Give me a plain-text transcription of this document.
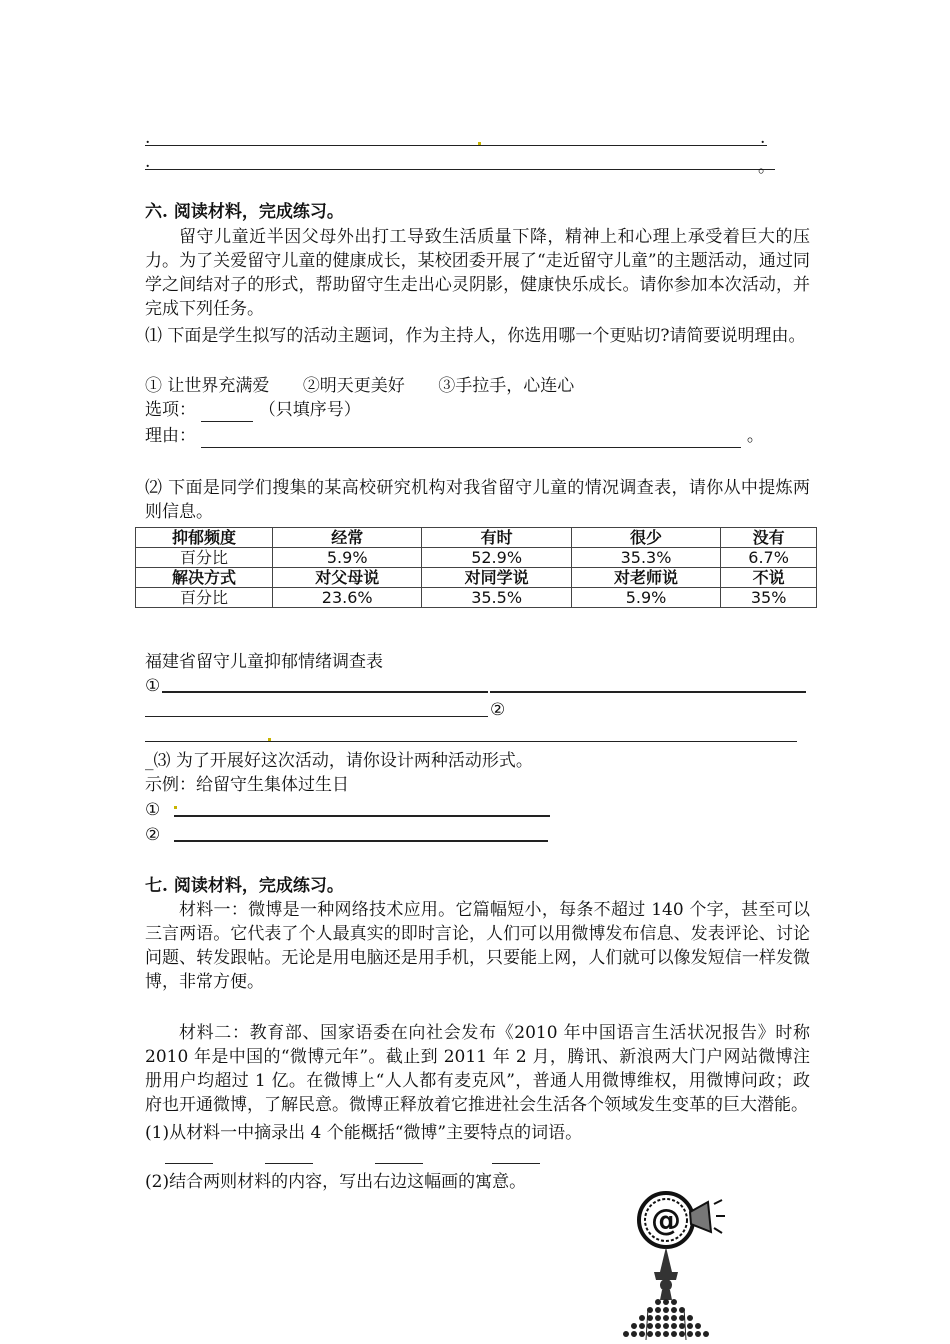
.	.
.	。
六. 阅读材料，完成练习。
留守儿童近半因父母外出打工导致生活质量下降，精神上和心理上承受着巨大的压力。为了关爱留守儿童的健康成长，某校团委开展了“走近留守儿童”的主题活动，通过同学之间结对子的形式，帮助留守生走出心灵阴影，健康快乐成长。请你参加本次活动，并完成下列任务。
⑴ 下面是学生拟写的活动主题词，作为主持人，你选用哪一个更贴切?请简要说明理由。
① 让世界充满爱 ②明天更美好 ③手拉手，心连心
选项：	（只填序号）
理由：	。
⑵ 下面是同学们搜集的某高校研究机构对我省留守儿童的情况调查表，请你从中提炼两则信息。
抑郁频度	经常	有时	很少	没有
百分比	5.9%	52.9%	35.3%	6.7%
解决方式	对父母说	对同学说	对老师说	不说
百分比	23.6%	35.5%	5.9%	35%
福建省留守儿童抑郁情绪调查表
①
②
_⑶ 为了开展好这次活动，请你设计两种活动形式。
示例：给留守生集体过生日
①
②
七. 阅读材料，完成练习。
材料一：微博是一种网络技术应用。它篇幅短小，每条不超过 140 个字，甚至可以三言两语。它代表了个人最真实的即时言论，人们可以用微博发布信息、发表评论、讨论问题、转发跟帖。无论是用电脑还是用手机，只要能上网，人们就可以像发短信一样发微博，非常方便。
材料二：教育部、国家语委在向社会发布《2010 年中国语言生活状况报告》时称 2010 年是中国的“微博元年”。截止到 2011 年 2 月，腾讯、新浪两大门户网站微博注册用户均超过 1 亿。在微博上“人人都有麦克风”，普通人用微博维权，用微博问政；政府也开通微博，了解民意。微博正释放着它推进社会生活各个领域发生变革的巨大潜能。
(1)从材料一中摘录出 4 个能概括“微博”主要特点的词语。
(2)结合两则材料的内容，写出右边这幅画的寓意。
@
